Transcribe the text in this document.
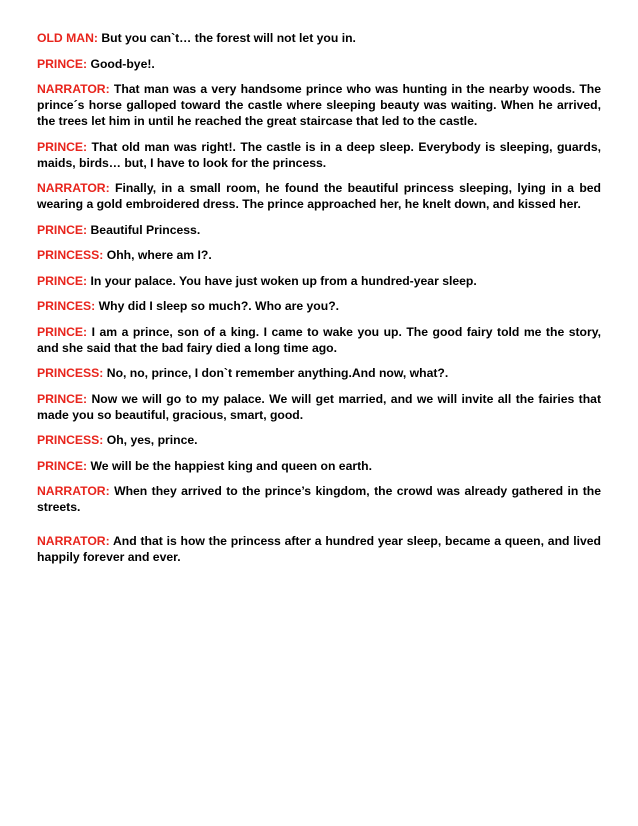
OLD MAN: But you can`t… the forest will not let you in.

PRINCE: Good-bye!.

NARRATOR: That man was a very handsome prince who was hunting in the nearby woods. The prince´s horse galloped toward the castle where sleeping beauty was waiting. When he arrived, the trees let him in until he reached the great staircase that led to the castle.

PRINCE: That old man was right!. The castle is in a deep sleep. Everybody is sleeping, guards, maids, birds… but, I have to look for the princess.

NARRATOR: Finally, in a small room, he found the beautiful princess sleeping, lying in a bed wearing a gold embroidered dress. The prince approached her, he knelt down, and kissed her.

PRINCE: Beautiful Princess.

PRINCESS: Ohh, where am I?.

PRINCE: In your palace. You have just woken up from a hundred-year sleep.

PRINCES: Why did I sleep so much?. Who are you?.

PRINCE: I am a prince, son of a king. I came to wake you up. The good fairy told me the story, and she said that the bad fairy died a long time ago.

PRINCESS: No, no, prince, I don`t remember anything.And now, what?.

PRINCE: Now we will go to my palace. We will get married, and we will invite all the fairies that made you so beautiful, gracious, smart, good.

PRINCESS: Oh, yes, prince.

PRINCE: We will be the happiest king and queen on earth.

NARRATOR: When they arrived to the prince’s kingdom, the crowd was already gathered in the streets.

NARRATOR: And that is how the princess after a hundred year sleep, became a queen, and lived happily forever and ever.
